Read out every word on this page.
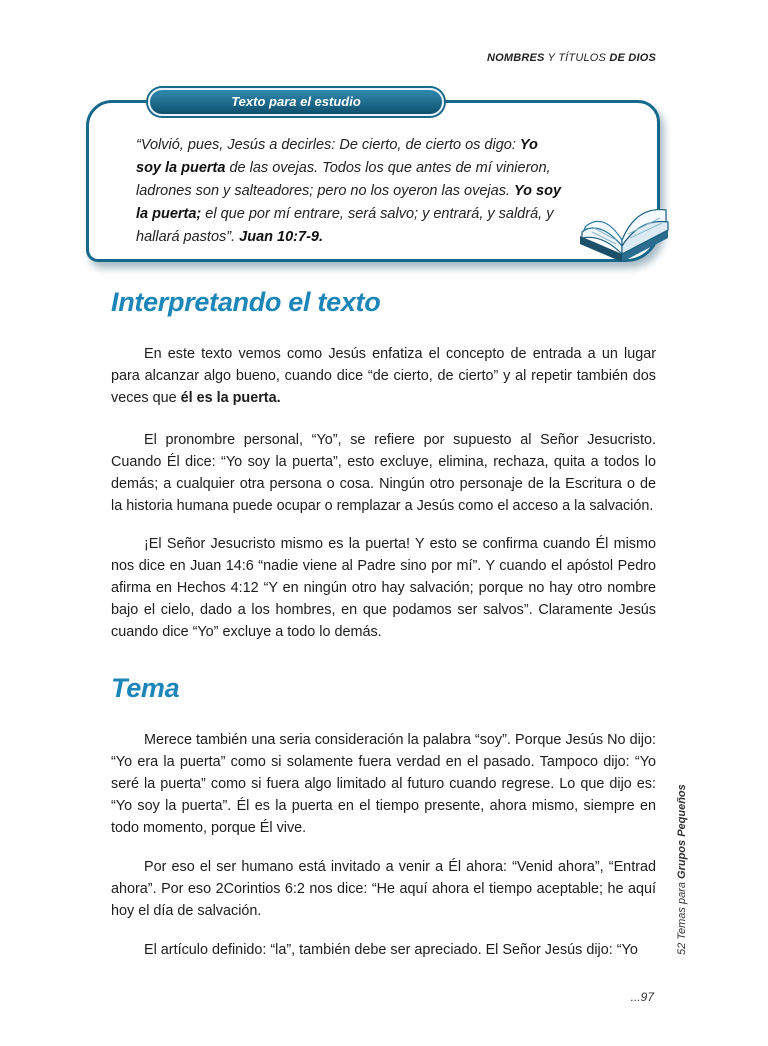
NOMBRES Y TÍTULOS DE DIOS
Texto para el estudio

“Volvió, pues, Jesús a decirles: De cierto, de cierto os digo: Yo soy la puerta de las ovejas. Todos los que antes de mí vinieron, ladrones son y salteadores; pero no los oyeron las ovejas. Yo soy la puerta; el que por mí entrare, será salvo; y entrará, y saldrá, y hallará pastos”. Juan 10:7-9.

Interpretando el texto

En este texto vemos como Jesús enfatiza el concepto de entrada a un lugar para alcanzar algo bueno, cuando dice “de cierto, de cierto” y al repetir también dos veces que él es la puerta.

El pronombre personal, “Yo”, se refiere por supuesto al Señor Jesucristo. Cuando Él dice: “Yo soy la puerta”, esto excluye, elimina, rechaza, quita a todos lo demás; a cualquier otra persona o cosa. Ningún otro personaje de la Escritura o de la historia humana puede ocupar o remplazar a Jesús como el acceso a la salvación.

¡El Señor Jesucristo mismo es la puerta! Y esto se confirma cuando Él mismo nos dice en Juan 14:6 “nadie viene al Padre sino por mí”. Y cuando el apóstol Pedro afirma en Hechos 4:12 “Y en ningún otro hay salvación; porque no hay otro nombre bajo el cielo, dado a los hombres, en que podamos ser salvos”. Claramente Jesús cuando dice “Yo” excluye a todo lo demás.

Tema

Merece también una seria consideración la palabra “soy”. Porque Jesús No dijo: “Yo era la puerta” como si solamente fuera verdad en el pasado. Tampoco dijo: “Yo seré la puerta” como si fuera algo limitado al futuro cuando regrese. Lo que dijo es: “Yo soy la puerta”. Él es la puerta en el tiempo presente, ahora mismo, siempre en todo momento, porque Él vive.

Por eso el ser humano está invitado a venir a Él ahora: “Venid ahora”, “Entrad ahora”. Por eso 2Corintios 6:2 nos dice: “He aquí ahora el tiempo aceptable; he aquí hoy el día de salvación.

El artículo definido: “la”, también debe ser apreciado. El Señor Jesús dijo: “Yo	52 Temas para Grupos Pequeños
...97
